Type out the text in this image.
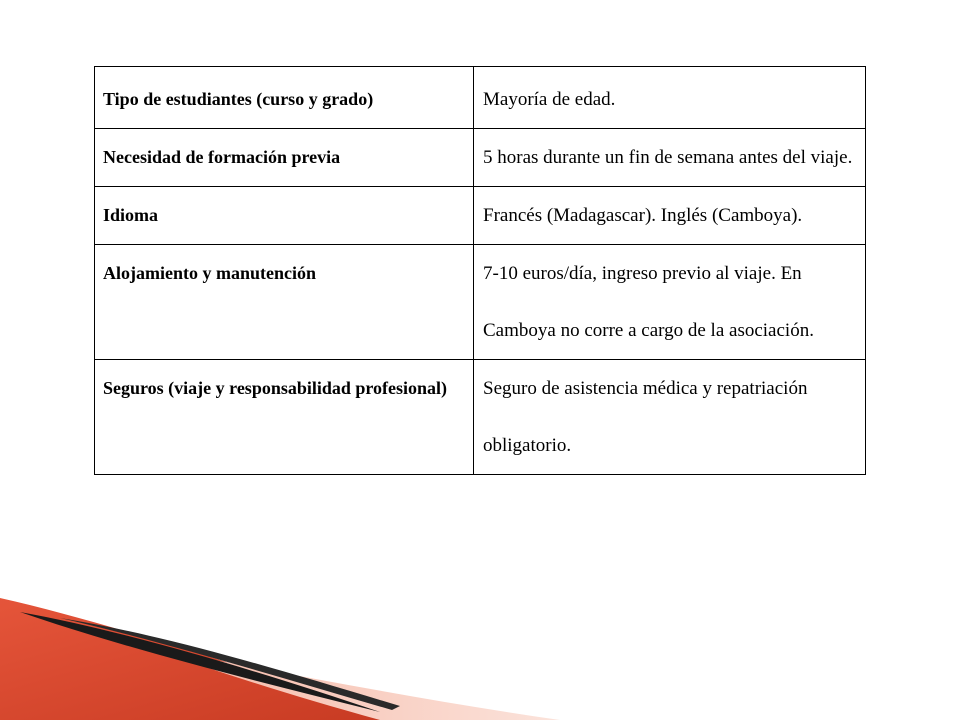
Tipo de estudiantes (curso y grado)	Mayoría de edad.

Necesidad de formación previa	5 horas durante un fin de semana antes del viaje.

Idioma	Francés (Madagascar). Inglés (Camboya).

Alojamiento y manutención	7-10 euros/día, ingreso previo al viaje. En Camboya no corre a cargo de la asociación.

Seguros (viaje y responsabilidad profesional)	Seguro de asistencia médica y repatriación obligatorio.
